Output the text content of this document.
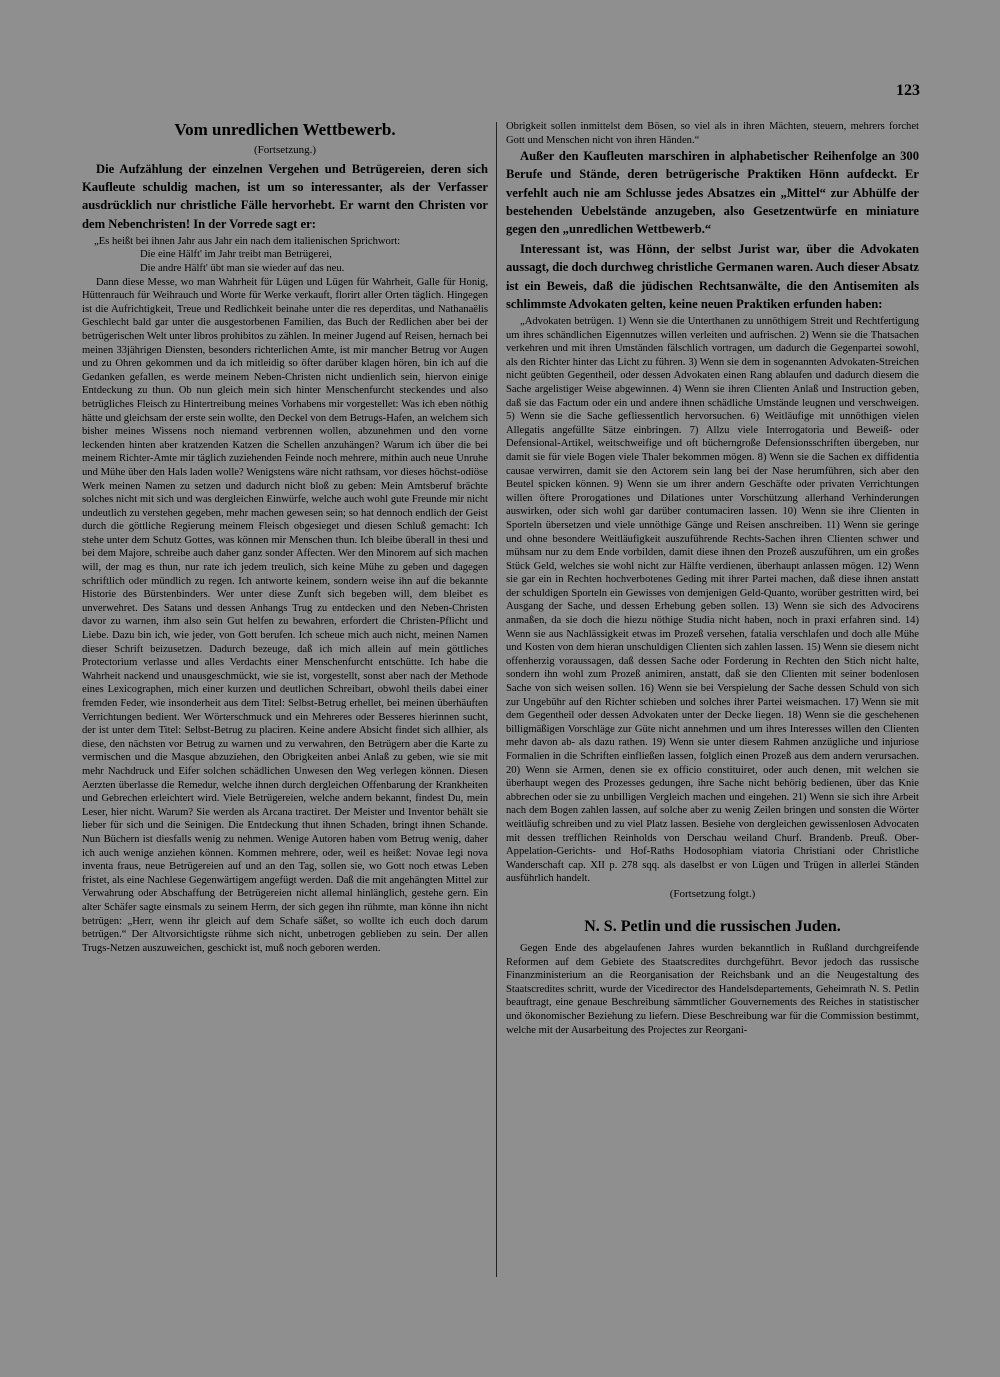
123
Vom unredlichen Wettbewerb.

(Fortsetzung.)

Die Aufzählung der einzelnen Vergehen und Betrügereien, deren sich Kaufleute schuldig machen, ist um so interessanter, als der Verfasser ausdrücklich nur christliche Fälle hervorhebt. Er warnt den Christen vor dem Nebenchristen! In der Vorrede sagt er:

„Es heißt bei ihnen Jahr aus Jahr ein nach dem italienischen Sprichwort:

Die eine Hälft' im Jahr treibt man Betrügerei,

Die andre Hälft' übt man sie wieder auf das neu.

Dann diese Messe, wo man Wahrheit für Lügen und Lügen für Wahrheit, Galle für Honig, Hüttenrauch für Weihrauch und Worte für Werke verkauft, florirt aller Orten täglich. Hingegen ist die Aufrichtigkeit, Treue und Redlichkeit beinahe unter die res deperditas, und Nathanaëlis Geschlecht bald gar unter die ausgestorbenen Familien, das Buch der Redlichen aber bei der betrügerischen Welt unter libros prohibitos zu zählen. In meiner Jugend auf Reisen, hernach bei meinen 33jährigen Diensten, besonders richterlichen Amte, ist mir mancher Betrug vor Augen und zu Ohren gekommen und da ich mitleidig so öfter darüber klagen hören, bin ich auf die Gedanken gefallen, es werde meinem Neben-Christen nicht undienlich sein, hiervon einige Entdeckung zu thun. Ob nun gleich mein sich hinter Menschenfurcht steckendes und also betrügliches Fleisch zu Hintertreibung meines Vorhabens mir vorgestellet: Was ich eben nöthig hätte und gleichsam der erste sein wollte, den Deckel von dem Betrugs-Hafen, an welchem sich bisher meines Wissens noch niemand verbrennen wollen, abzunehmen und den vorne leckenden hinten aber kratzenden Katzen die Schellen anzuhängen? Warum ich über die bei meinem Richter-Amte mir täglich zuziehenden Feinde noch mehrere, mithin auch neue Unruhe und Mühe über den Hals laden wolle? Wenigstens wäre nicht rathsam, vor dieses höchst-odiöse Werk meinen Namen zu setzen und dadurch nicht bloß zu geben: Mein Amtsberuf brächte solches nicht mit sich und was dergleichen Einwürfe, welche auch wohl gute Freunde mir nicht undeutlich zu verstehen gegeben, mehr machen gewesen sein; so hat dennoch endlich der Geist durch die göttliche Regierung meinem Fleisch obgesieget und diesen Schluß gemacht: Ich stehe unter dem Schutz Gottes, was können mir Menschen thun. Ich bleibe überall in thesi und bei dem Majore, schreibe auch daher ganz sonder Affecten. Wer den Minorem auf sich machen will, der mag es thun, nur rate ich jedem treulich, sich keine Mühe zu geben und dagegen schriftlich oder mündlich zu regen. Ich antworte keinem, sondern weise ihn auf die bekannte Historie des Bürstenbinders. Wer unter diese Zunft sich begeben will, dem bleibet es unverwehret. Des Satans und dessen Anhangs Trug zu entdecken und den Neben-Christen davor zu warnen, ihm also sein Gut helfen zu bewahren, erfordert die Christen-Pflicht und Liebe. Dazu bin ich, wie jeder, von Gott berufen. Ich scheue mich auch nicht, meinen Namen dieser Schrift beizusetzen. Dadurch bezeuge, daß ich mich allein auf mein göttliches Protectorium verlasse und alles Verdachts einer Menschenfurcht entschütte. Ich habe die Wahrheit nackend und unausgeschmückt, wie sie ist, vorgestellt, sonst aber nach der Methode eines Lexicographen, mich einer kurzen und deutlichen Schreibart, obwohl theils dabei einer fremden Feder, wie insonderheit aus dem Titel: Selbst-Betrug erhellet, bei meinen überhäuften Verrichtungen bedient. Wer Wörterschmuck und ein Mehreres oder Besseres hierinnen sucht, der ist unter dem Titel: Selbst-Betrug zu placiren. Keine andere Absicht findet sich allhier, als diese, den nächsten vor Betrug zu warnen und zu verwahren, den Betrügern aber die Karte zu vermischen und die Masque abzuziehen, den Obrigkeiten anbei Anlaß zu geben, wie sie mit mehr Nachdruck und Eifer solchen schädlichen Unwesen den Weg verlegen können. Diesen Aerzten überlasse die Remedur, welche ihnen durch dergleichen Offenbarung der Krankheiten und Gebrechen erleichtert wird. Viele Betrügereien, welche andern bekannt, findest Du, mein Leser, hier nicht. Warum? Sie werden als Arcana tractiret. Der Meister und Inventor behält sie lieber für sich und die Seinigen. Die Entdeckung thut ihnen Schaden, bringt ihnen Schande. Nun Büchern ist diesfalls wenig zu nehmen. Wenige Autoren haben vom Betrug wenig, daher ich auch wenige anziehen können. Kommen mehrere, oder, weil es heißet: Novae legi nova inventa fraus, neue Betrügereien auf und an den Tag, sollen sie, wo Gott noch etwas Leben fristet, als eine Nachlese Gegenwärtigem angefügt werden. Daß die mit angehängten Mittel zur Verwahrung oder Abschaffung der Betrügereien nicht allemal hinlänglich, gestehe gern. Ein alter Schäfer sagte einsmals zu seinem Herrn, der sich gegen ihn rühmte, man könne ihn nicht betrügen: „Herr, wenn ihr gleich auf dem Schafe säßet, so wollte ich euch doch darum betrügen.“ Der Altvorsichtigste rühme sich nicht, unbetrogen geblieben zu sein. Der allen Trugs-Netzen auszuweichen, geschickt ist, muß noch geboren werden.

Obrigkeit sollen inmittelst dem Bösen, so viel als in ihren Mächten, steuern, mehrers forchet Gott und Menschen nicht von ihren Händen.“

Außer den Kaufleuten marschiren in alphabetischer Reihenfolge an 300 Berufe und Stände, deren betrügerische Praktiken Hönn aufdeckt. Er verfehlt auch nie am Schlusse jedes Absatzes ein „Mittel“ zur Abhülfe der bestehenden Uebelstände anzugeben, also Gesetzentwürfe en miniature gegen den „unredlichen Wettbewerb.“

Interessant ist, was Hönn, der selbst Jurist war, über die Advokaten aussagt, die doch durchweg christliche Germanen waren. Auch dieser Absatz ist ein Beweis, daß die jüdischen Rechtsanwälte, die den Antisemiten als schlimmste Advokaten gelten, keine neuen Praktiken erfunden haben:

„Advokaten betrügen. 1) Wenn sie die Unterthanen zu unnöthigem Streit und Rechtfertigung um ihres schändlichen Eigennutzes willen verleiten und aufrischen. 2) Wenn sie die Thatsachen verkehren und mit ihren Umständen fälschlich vortragen, um dadurch die Gegenpartei sowohl, als den Richter hinter das Licht zu führen. 3) Wenn sie dem in sogenannten Advokaten-Streichen nicht geübten Gegentheil, oder dessen Advokaten einen Rang ablaufen und dadurch diesem die Sache argelistiger Weise abgewinnen. 4) Wenn sie ihren Clienten Anlaß und Instruction geben, daß sie das Factum oder ein und andere ihnen schädliche Umstände leugnen und verschweigen. 5) Wenn sie die Sache gefliessentlich hervorsuchen. 6) Weitläufige mit unnöthigen vielen Allegatis angefüllte Sätze einbringen. 7) Allzu viele Interrogatoria und Beweiß- oder Defensional-Artikel, weitschweifige und oft bücherngroße Defensionsschriften übergeben, nur damit sie für viele Bogen viele Thaler bekommen mögen. 8) Wenn sie die Sachen ex diffidentia causae verwirren, damit sie den Actorem sein lang bei der Nase herumführen, sich aber den Beutel spicken können. 9) Wenn sie um ihrer andern Geschäfte oder privaten Verrichtungen willen öftere Prorogationes und Dilationes unter Vorschützung allerhand Verhinderungen auswirken, oder sich wohl gar darüber contumaciren lassen. 10) Wenn sie ihre Clienten in Sporteln übersetzen und viele unnöthige Gänge und Reisen anschreiben. 11) Wenn sie geringe und ohne besondere Weitläufigkeit auszuführende Rechts-Sachen ihren Clienten schwer und mühsam nur zu dem Ende vorbilden, damit diese ihnen den Prozeß auszuführen, um ein großes Stück Geld, welches sie wohl nicht zur Hälfte verdienen, überhaupt anlassen mögen. 12) Wenn sie gar ein in Rechten hochverbotenes Geding mit ihrer Partei machen, daß diese ihnen anstatt der schuldigen Sporteln ein Gewisses von demjenigen Geld-Quanto, worüber gestritten wird, bei Ausgang der Sache, und dessen Erhebung geben sollen. 13) Wenn sie sich des Advocirens anmaßen, da sie doch die hiezu nöthige Studia nicht haben, noch in praxi erfahren sind. 14) Wenn sie aus Nachlässigkeit etwas im Prozeß versehen, fatalia verschlafen und doch alle Mühe und Kosten von dem hieran unschuldigen Clienten sich zahlen lassen. 15) Wenn sie diesem nicht offenherzig voraussagen, daß dessen Sache oder Forderung in Rechten den Stich nicht halte, sondern ihn wohl zum Prozeß animiren, anstatt, daß sie den Clienten mit seiner bodenlosen Sache von sich weisen sollen. 16) Wenn sie bei Verspielung der Sache dessen Schuld von sich zur Ungebühr auf den Richter schieben und solches ihrer Partei weismachen. 17) Wenn sie mit dem Gegentheil oder dessen Advokaten unter der Decke liegen. 18) Wenn sie die geschehenen billigmäßigen Vorschläge zur Güte nicht annehmen und um ihres Interesses willen den Clienten mehr davon ab- als dazu rathen. 19) Wenn sie unter diesem Rahmen anzügliche und injuriose Formalien in die Schriften einfließen lassen, folglich einen Prozeß aus dem andern verursachen. 20) Wenn sie Armen, denen sie ex officio constituiret, oder auch denen, mit welchen sie überhaupt wegen des Prozesses gedungen, ihre Sache nicht behörig bedienen, über das Knie abbrechen oder sie zu unbilligen Vergleich machen und eingehen. 21) Wenn sie sich ihre Arbeit nach dem Bogen zahlen lassen, auf solche aber zu wenig Zeilen bringen und sonsten die Wörter weitläufig schreiben und zu viel Platz lassen. Besiehe von dergleichen gewissenlosen Advocaten mit dessen trefflichen Reinholds von Derschau weiland Churf. Brandenb. Preuß. Ober-Appelation-Gerichts- und Hof-Raths Hodosophiam viatoria Christiani oder Christliche Wanderschaft cap. XII p. 278 sqq. als daselbst er von Lügen und Trügen in allerlei Ständen ausführlich handelt.

(Fortsetzung folgt.)

N. S. Petlin und die russischen Juden.

Gegen Ende des abgelaufenen Jahres wurden bekanntlich in Rußland durchgreifende Reformen auf dem Gebiete des Staatscredites durchgeführt. Bevor jedoch das russische Finanzministerium an die Reorganisation der Reichsbank und an die Neugestaltung des Staatscredites schritt, wurde der Vicedirector des Handelsdepartements, Geheimrath N. S. Petlin beauftragt, eine genaue Beschreibung sämmtlicher Gouvernements des Reiches in statistischer und ökonomischer Beziehung zu liefern. Diese Beschreibung war für die Commission bestimmt, welche mit der Ausarbeitung des Projectes zur Reorgani-
